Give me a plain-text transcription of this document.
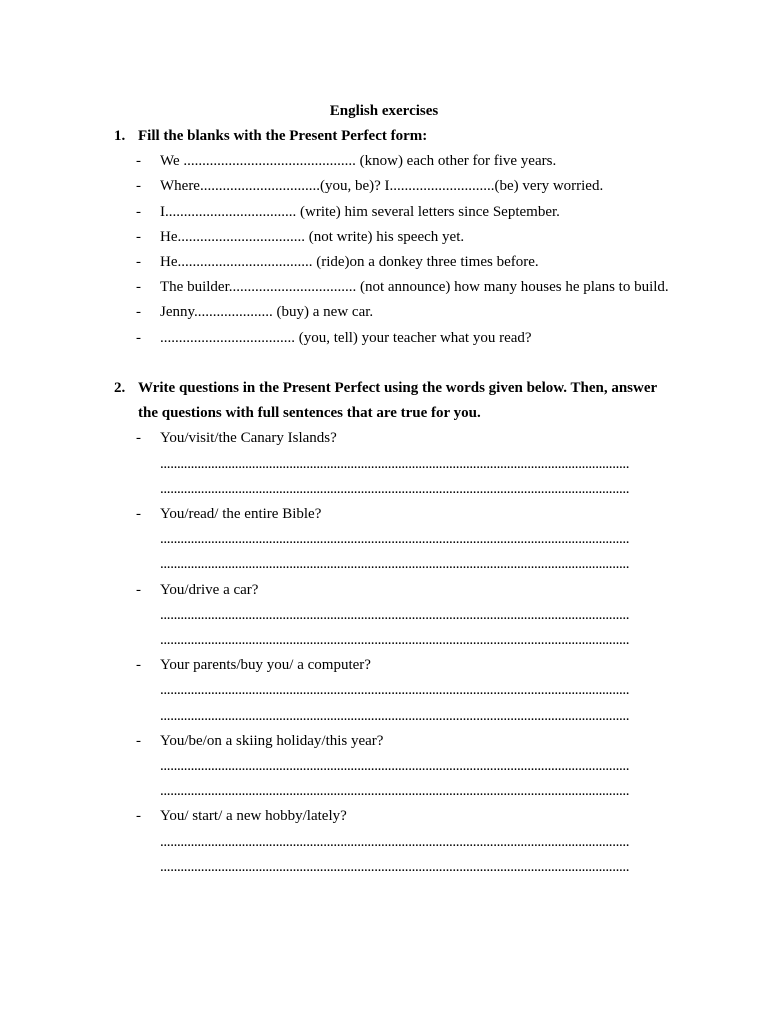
English exercises
1. Fill the blanks with the Present Perfect form:
- We .............................................. (know) each other for five years.
- Where................................(you, be)? I............................(be) very worried.
- I................................... (write) him several letters since September.
- He.................................. (not write) his speech yet.
- He.................................... (ride)on a donkey three times before.
- The builder.................................. (not announce) how many houses he plans to build.
- Jenny..................... (buy) a new car.
- .................................... (you, tell) your teacher what you read?
2. Write questions in the Present Perfect using the words given below. Then, answer the questions with full sentences that are true for you.
- You/visit/the Canary Islands?
..........................................................................................................................................
..........................................................................................................................................
- You/read/ the entire Bible?
..........................................................................................................................................
..........................................................................................................................................
- You/drive a car?
..........................................................................................................................................
..........................................................................................................................................
- Your parents/buy you/ a computer?
..........................................................................................................................................
..........................................................................................................................................
- You/be/on a skiing holiday/this year?
..........................................................................................................................................
..........................................................................................................................................
- You/ start/ a new hobby/lately?
..........................................................................................................................................
..........................................................................................................................................
